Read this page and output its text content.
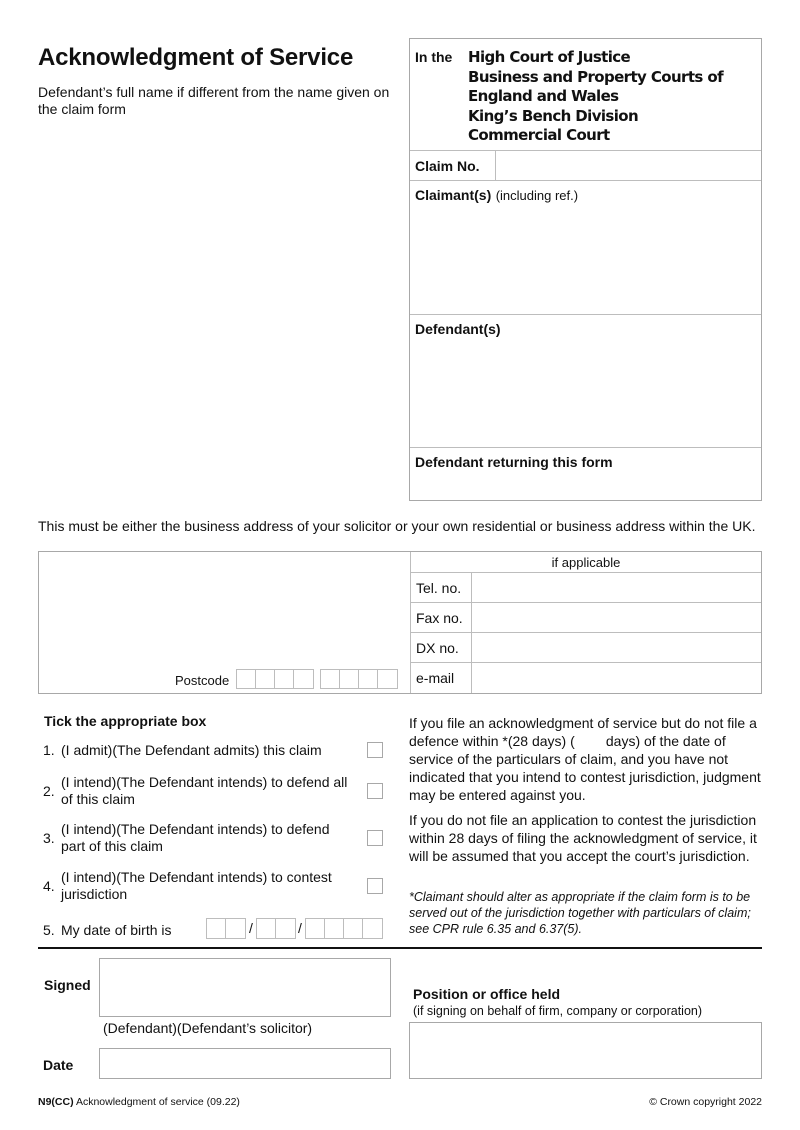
Acknowledgment of Service
Defendant’s full name if different from the name given on the claim form
In the High Court of Justice
Business and Property Courts of
England and Wales
King’s Bench Division
Commercial Court
Claim No.
Claimant(s) (including ref.)
Defendant(s)
Defendant returning this form
This must be either the business address of your solicitor or your own residential or business address within the UK.
Postcode
if applicable
Tel. no.
Fax no.
DX no.
e-mail
Tick the appropriate box
1. (I admit)(The Defendant admits) this claim
2.
(I intend)(The Defendant intends) to defend all of this claim
3.
(I intend)(The Defendant intends) to defend part of this claim
4.
(I intend)(The Defendant intends) to contest jurisdiction
5. My date of birth is	/	/
If you file an acknowledgment of service but do not file a defence within *(28 days) (        days) of the date of service of the particulars of claim, and you have not indicated that you intend to contest jurisdiction, judgment may be entered against you.
If you do not file an application to contest the jurisdiction within 28 days of filing the acknowledgment of service, it will be assumed that you accept the court’s jurisdiction.
*Claimant should alter as appropriate if the claim form is to be served out of the jurisdiction together with particulars of claim; see CPR rule 6.35 and 6.37(5).
Signed
(Defendant)(Defendant’s solicitor)
Date
Position or office held
(if signing on behalf of firm, company or corporation)
N9(CC) Acknowledgment of service (09.22)	© Crown copyright 2022
